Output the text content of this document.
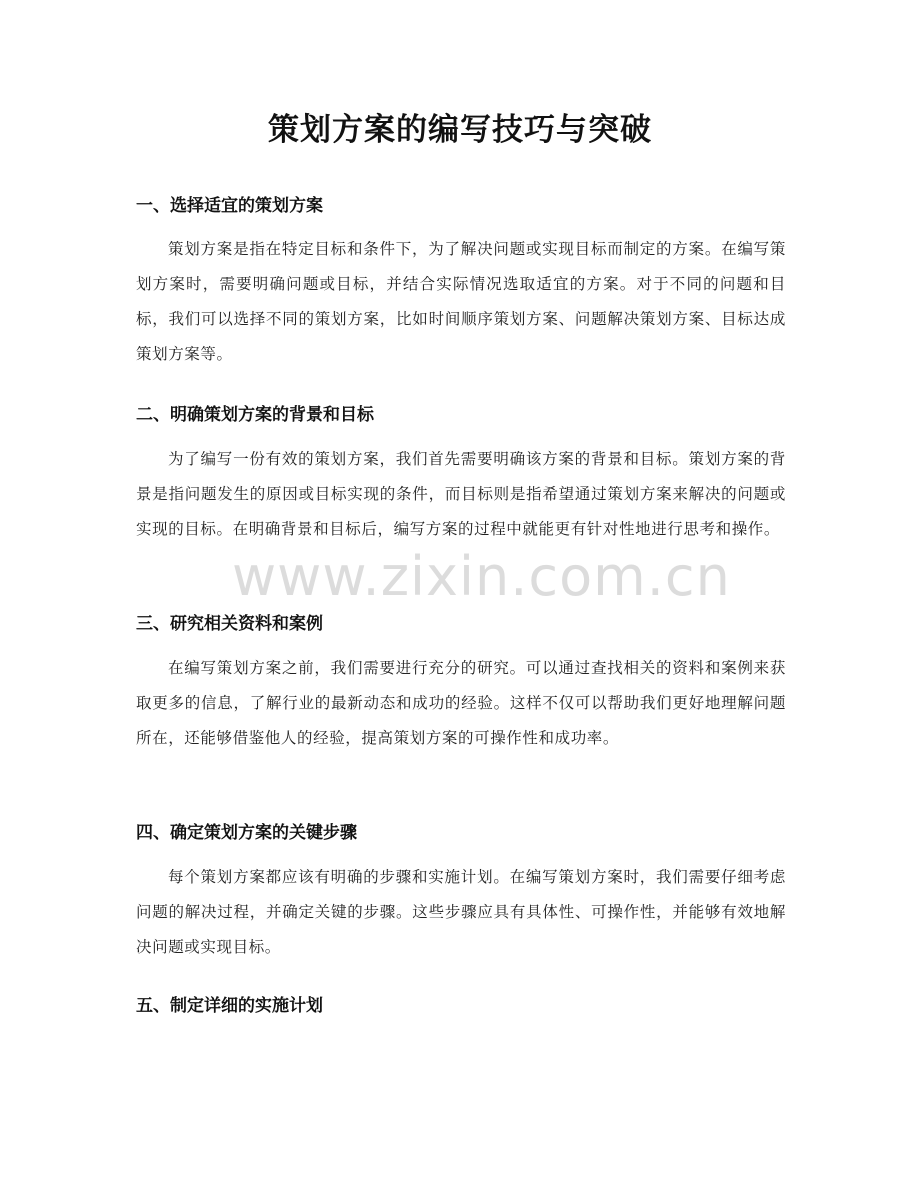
策划方案的编写技巧与突破
一、选择适宜的策划方案

策划方案是指在特定目标和条件下，为了解决问题或实现目标而制定的方案。在编写策划方案时，需要明确问题或目标，并结合实际情况选取适宜的方案。对于不同的问题和目标，我们可以选择不同的策划方案，比如时间顺序策划方案、问题解决策划方案、目标达成策划方案等。

二、明确策划方案的背景和目标

为了编写一份有效的策划方案，我们首先需要明确该方案的背景和目标。策划方案的背景是指问题发生的原因或目标实现的条件，而目标则是指希望通过策划方案来解决的问题或实现的目标。在明确背景和目标后，编写方案的过程中就能更有针对性地进行思考和操作。

三、研究相关资料和案例

在编写策划方案之前，我们需要进行充分的研究。可以通过查找相关的资料和案例来获取更多的信息，了解行业的最新动态和成功的经验。这样不仅可以帮助我们更好地理解问题所在，还能够借鉴他人的经验，提高策划方案的可操作性和成功率。

四、确定策划方案的关键步骤

每个策划方案都应该有明确的步骤和实施计划。在编写策划方案时，我们需要仔细考虑问题的解决过程，并确定关键的步骤。这些步骤应具有具体性、可操作性，并能够有效地解决问题或实现目标。

五、制定详细的实施计划
www.zixin.com.cn
